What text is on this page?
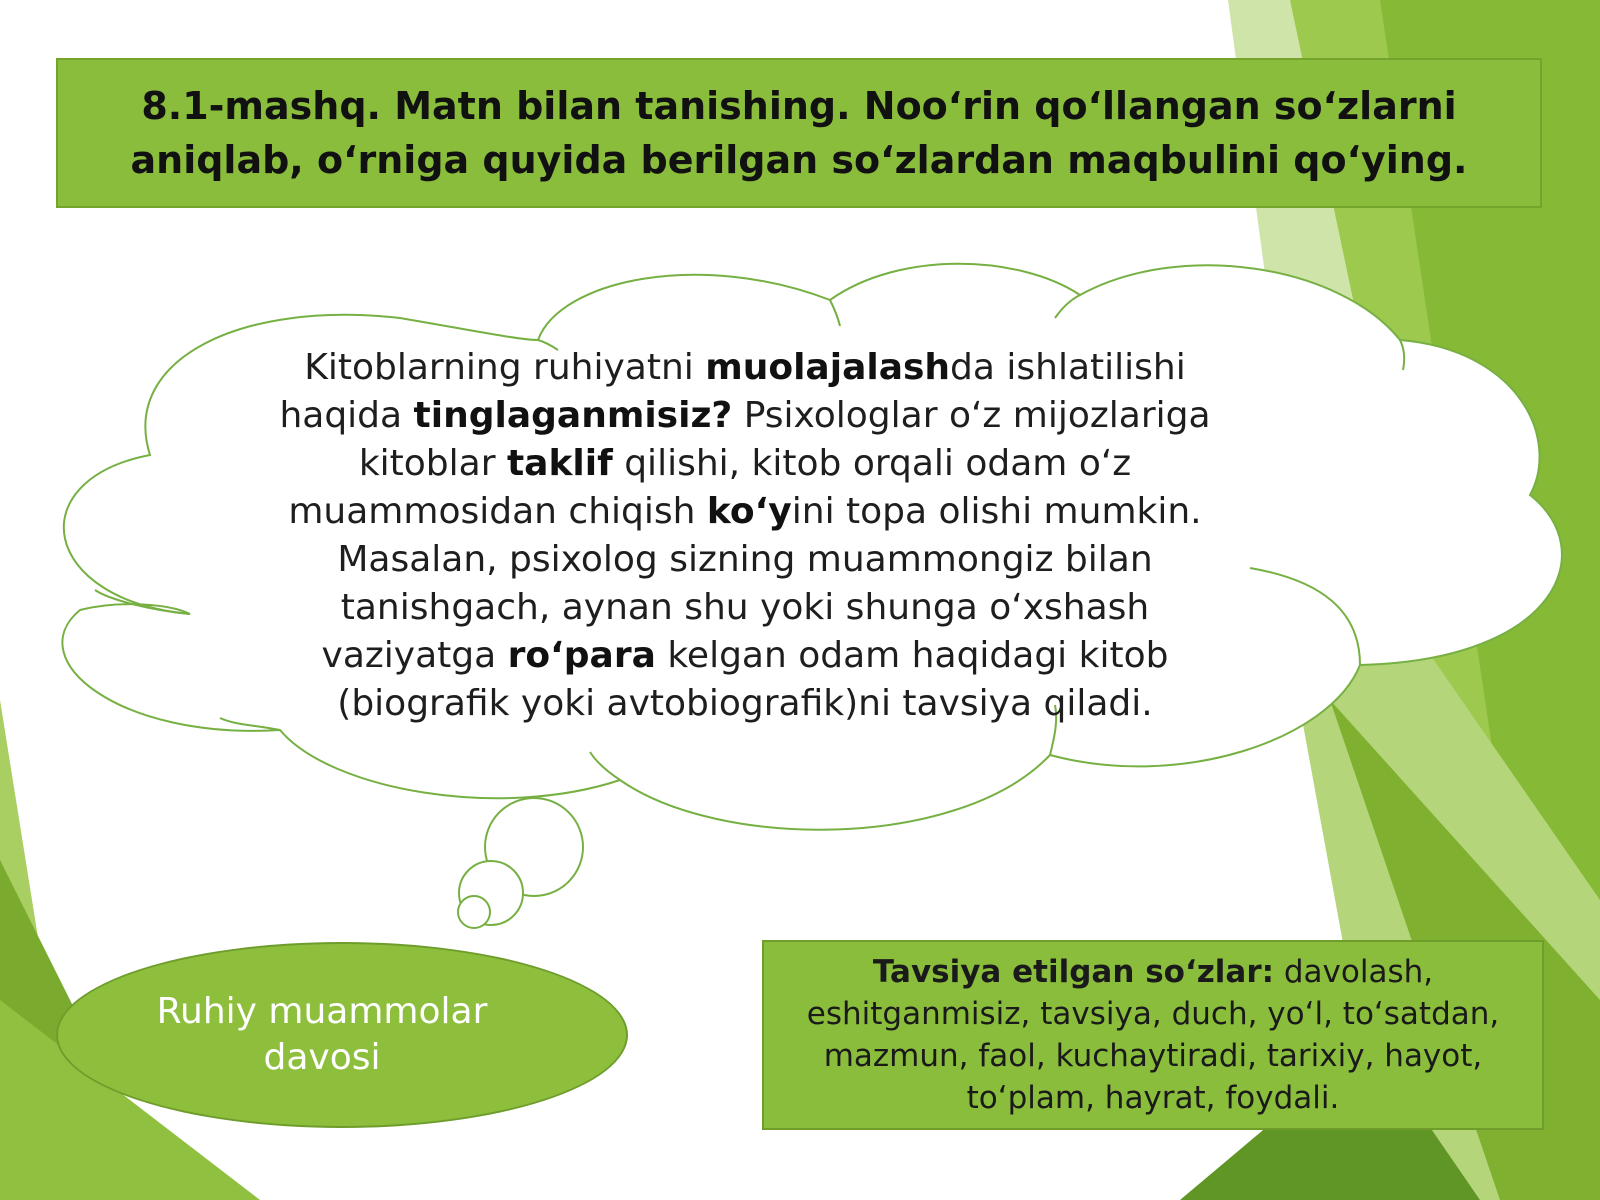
8.1-mashq. Matn bilan tanishing. Noo‘rin qo‘llangan so‘zlarni
aniqlab, o‘rniga quyida berilgan so‘zlardan maqbulini qo‘ying.
Kitoblarning ruhiyatni muolajalashda ishlatilishi haqida tinglaganmisiz? Psixologlar o‘z mijozlariga kitoblar taklif qilishi, kitob orqali odam o‘z muammosidan chiqish ko‘yini topa olishi mumkin. Masalan, psixolog sizning muammongiz bilan tanishgach, aynan shu yoki shunga o‘xshash vaziyatga ro‘para kelgan odam haqidagi kitob (biografik yoki avtobiografik)ni tavsiya qiladi.
Ruhiy muammolar
davosi
Tavsiya etilgan so‘zlar: davolash, eshitganmisiz, tavsiya, duch, yo‘l, to‘satdan, mazmun, faol, kuchaytiradi, tarixiy, hayot, to‘plam, hayrat, foydali.
